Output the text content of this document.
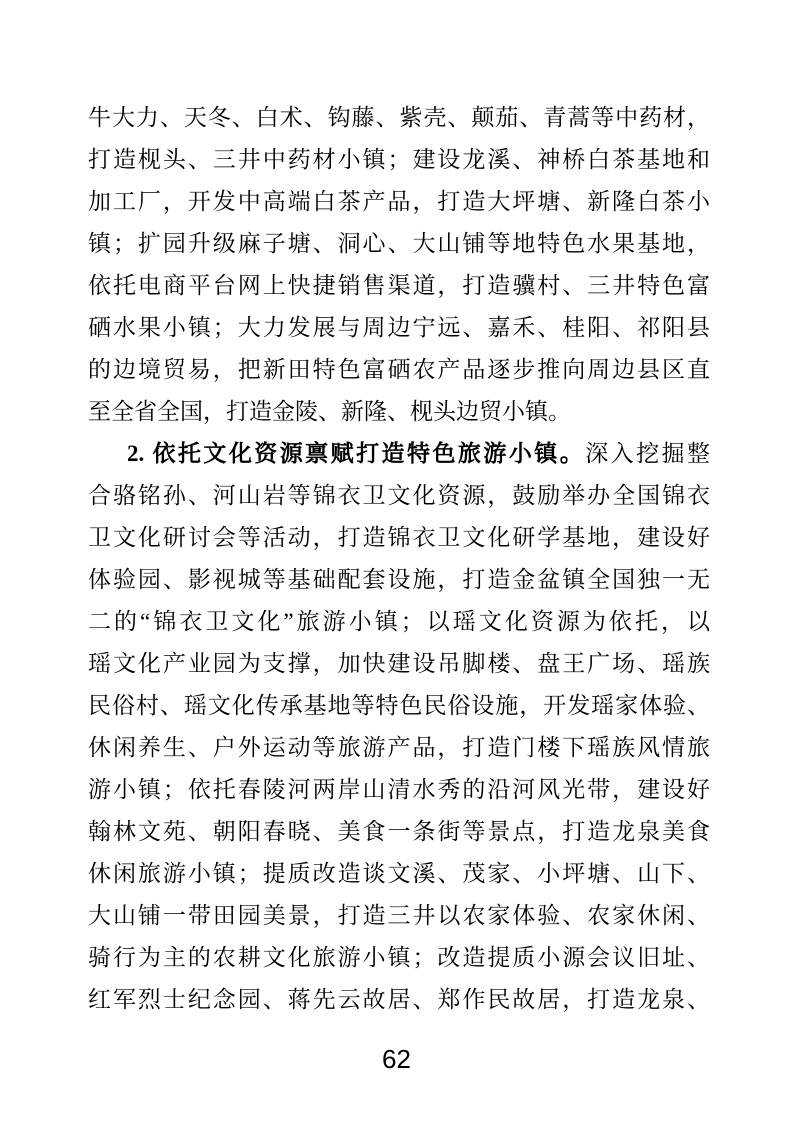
牛大力、天冬、白术、钩藤、紫壳、颠茄、青蒿等中药材，
打造枧头、三井中药材小镇；建设龙溪、神桥白茶基地和
加工厂，开发中高端白茶产品，打造大坪塘、新隆白茶小
镇；扩园升级麻子塘、洞心、大山铺等地特色水果基地，
依托电商平台网上快捷销售渠道，打造骥村、三井特色富
硒水果小镇；大力发展与周边宁远、嘉禾、桂阳、祁阳县
的边境贸易，把新田特色富硒农产品逐步推向周边县区直
至全省全国，打造金陵、新隆、枧头边贸小镇。
2. 依托文化资源禀赋打造特色旅游小镇。深入挖掘整
合骆铭孙、河山岩等锦衣卫文化资源，鼓励举办全国锦衣
卫文化研讨会等活动，打造锦衣卫文化研学基地，建设好
体验园、影视城等基础配套设施，打造金盆镇全国独一无
二的“锦衣卫文化”旅游小镇；以瑶文化资源为依托，以
瑶文化产业园为支撑，加快建设吊脚楼、盘王广场、瑶族
民俗村、瑶文化传承基地等特色民俗设施，开发瑶家体验、
休闲养生、户外运动等旅游产品，打造门楼下瑶族风情旅
游小镇；依托春陵河两岸山清水秀的沿河风光带，建设好
翰林文苑、朝阳春晓、美食一条街等景点，打造龙泉美食
休闲旅游小镇；提质改造谈文溪、茂家、小坪塘、山下、
大山铺一带田园美景，打造三井以农家体验、农家休闲、
骑行为主的农耕文化旅游小镇；改造提质小源会议旧址、
红军烈士纪念园、蒋先云故居、郑作民故居，打造龙泉、
62
